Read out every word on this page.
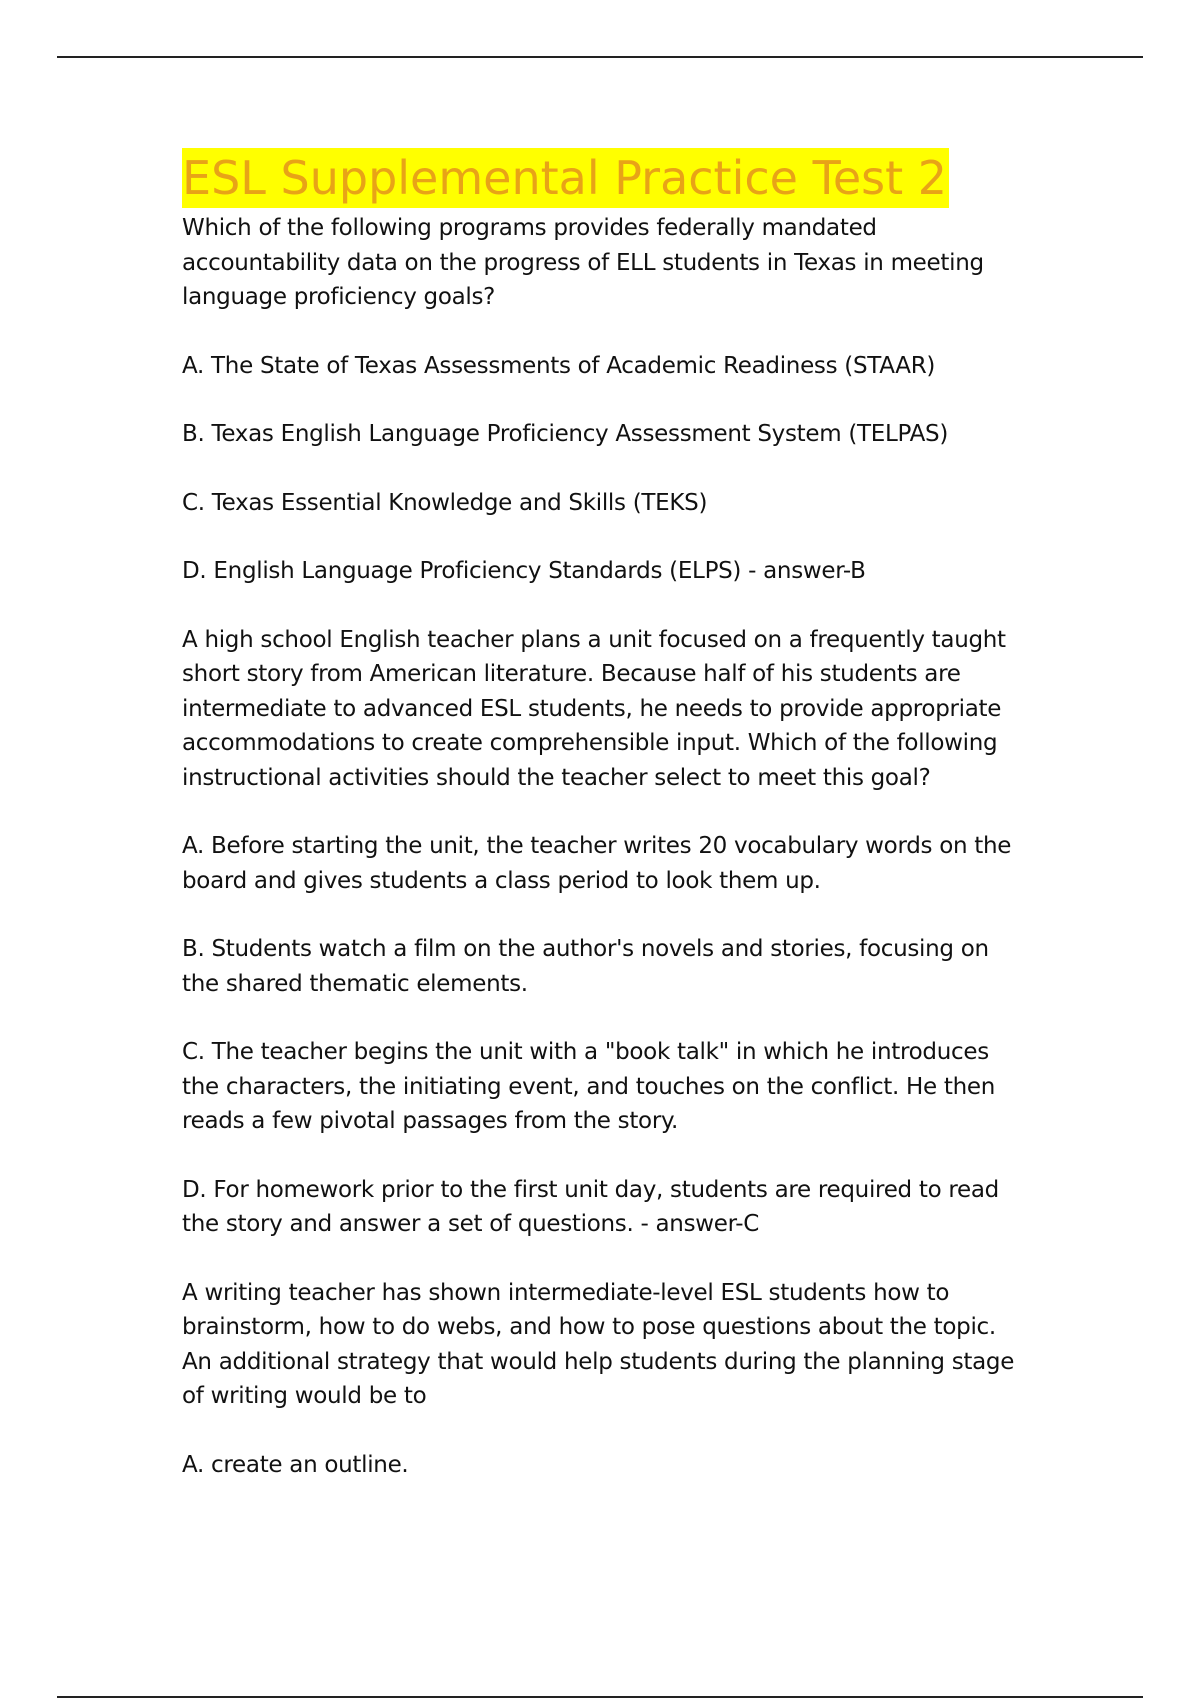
ESL Supplemental Practice Test 2

Which of the following programs provides federally mandated accountability data on the progress of ELL students in Texas in meeting language proficiency goals?

A. The State of Texas Assessments of Academic Readiness (STAAR)

B. Texas English Language Proficiency Assessment System (TELPAS)

C. Texas Essential Knowledge and Skills (TEKS)

D. English Language Proficiency Standards (ELPS) - answer-B

A high school English teacher plans a unit focused on a frequently taught short story from American literature. Because half of his students are intermediate to advanced ESL students, he needs to provide appropriate accommodations to create comprehensible input. Which of the following instructional activities should the teacher select to meet this goal?

A. Before starting the unit, the teacher writes 20 vocabulary words on the board and gives students a class period to look them up.

B. Students watch a film on the author's novels and stories, focusing on the shared thematic elements.

C. The teacher begins the unit with a "book talk" in which he introduces the characters, the initiating event, and touches on the conflict. He then reads a few pivotal passages from the story.

D. For homework prior to the first unit day, students are required to read the story and answer a set of questions. - answer-C

A writing teacher has shown intermediate-level ESL students how to brainstorm, how to do webs, and how to pose questions about the topic. An additional strategy that would help students during the planning stage of writing would be to

A. create an outline.
